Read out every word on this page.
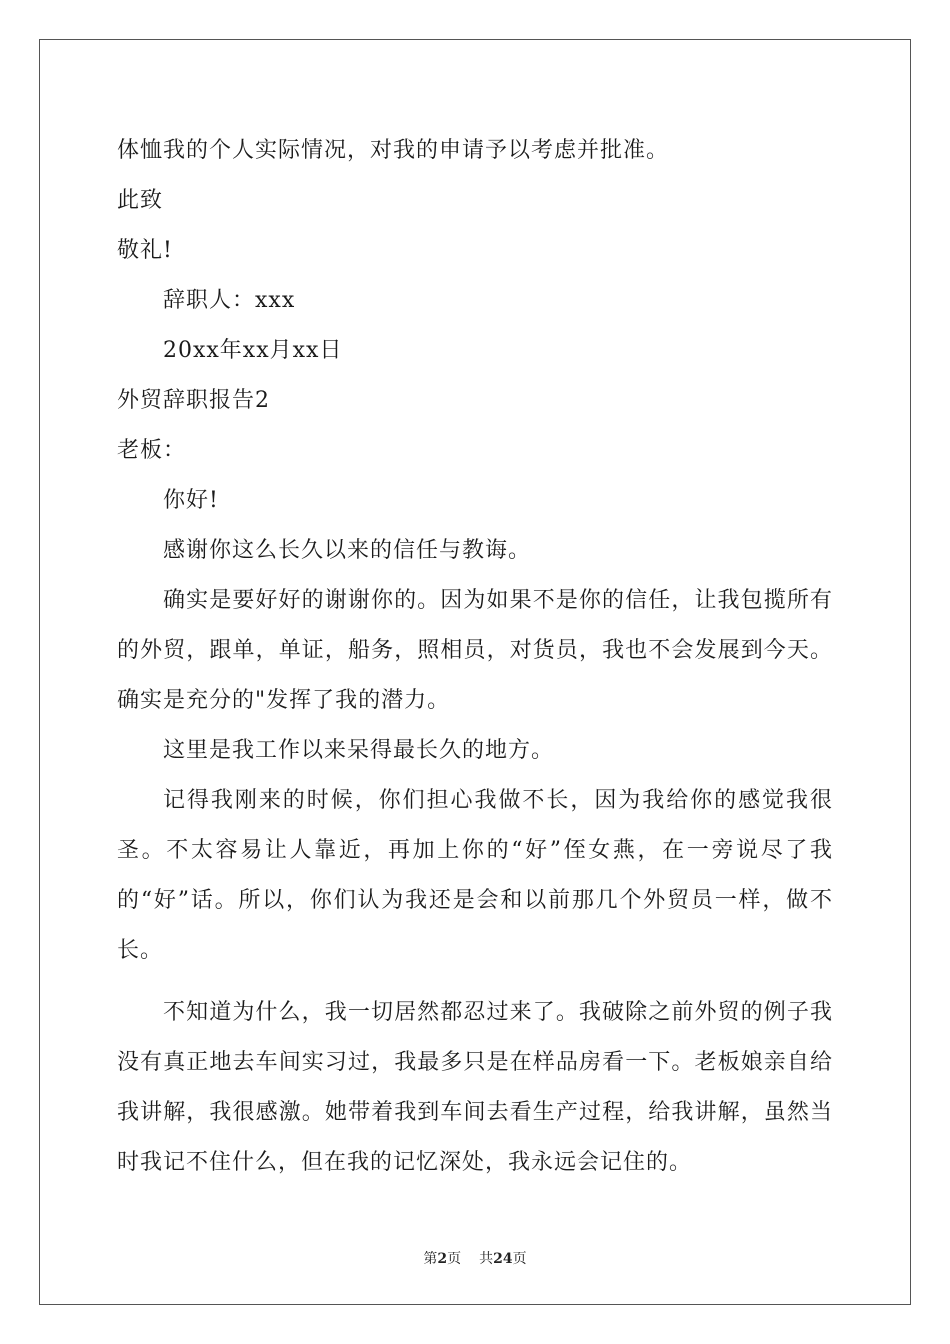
体恤我的个人实际情况，对我的申请予以考虑并批准。
此致
敬礼!
辞职人：xxx
20xx年xx月xx日
外贸辞职报告2
老板：
你好!
感谢你这么长久以来的信任与教诲。

确实是要好好的谢谢你的。因为如果不是你的信任，让我包揽所有的外贸，跟单，单证，船务，照相员，对货员，我也不会发展到今天。确实是充分的"发挥了我的潜力。

这里是我工作以来呆得最长久的地方。

记得我刚来的时候，你们担心我做不长，因为我给你的感觉我很圣。不太容易让人靠近，再加上你的“好”侄女燕，在一旁说尽了我的“好”话。所以，你们认为我还是会和以前那几个外贸员一样，做不长。

不知道为什么，我一切居然都忍过来了。我破除之前外贸的例子我没有真正地去车间实习过，我最多只是在样品房看一下。老板娘亲自给我讲解，我很感激。她带着我到车间去看生产过程，给我讲解，虽然当时我记不住什么，但在我的记忆深处，我永远会记住的。

第2页 共24页
